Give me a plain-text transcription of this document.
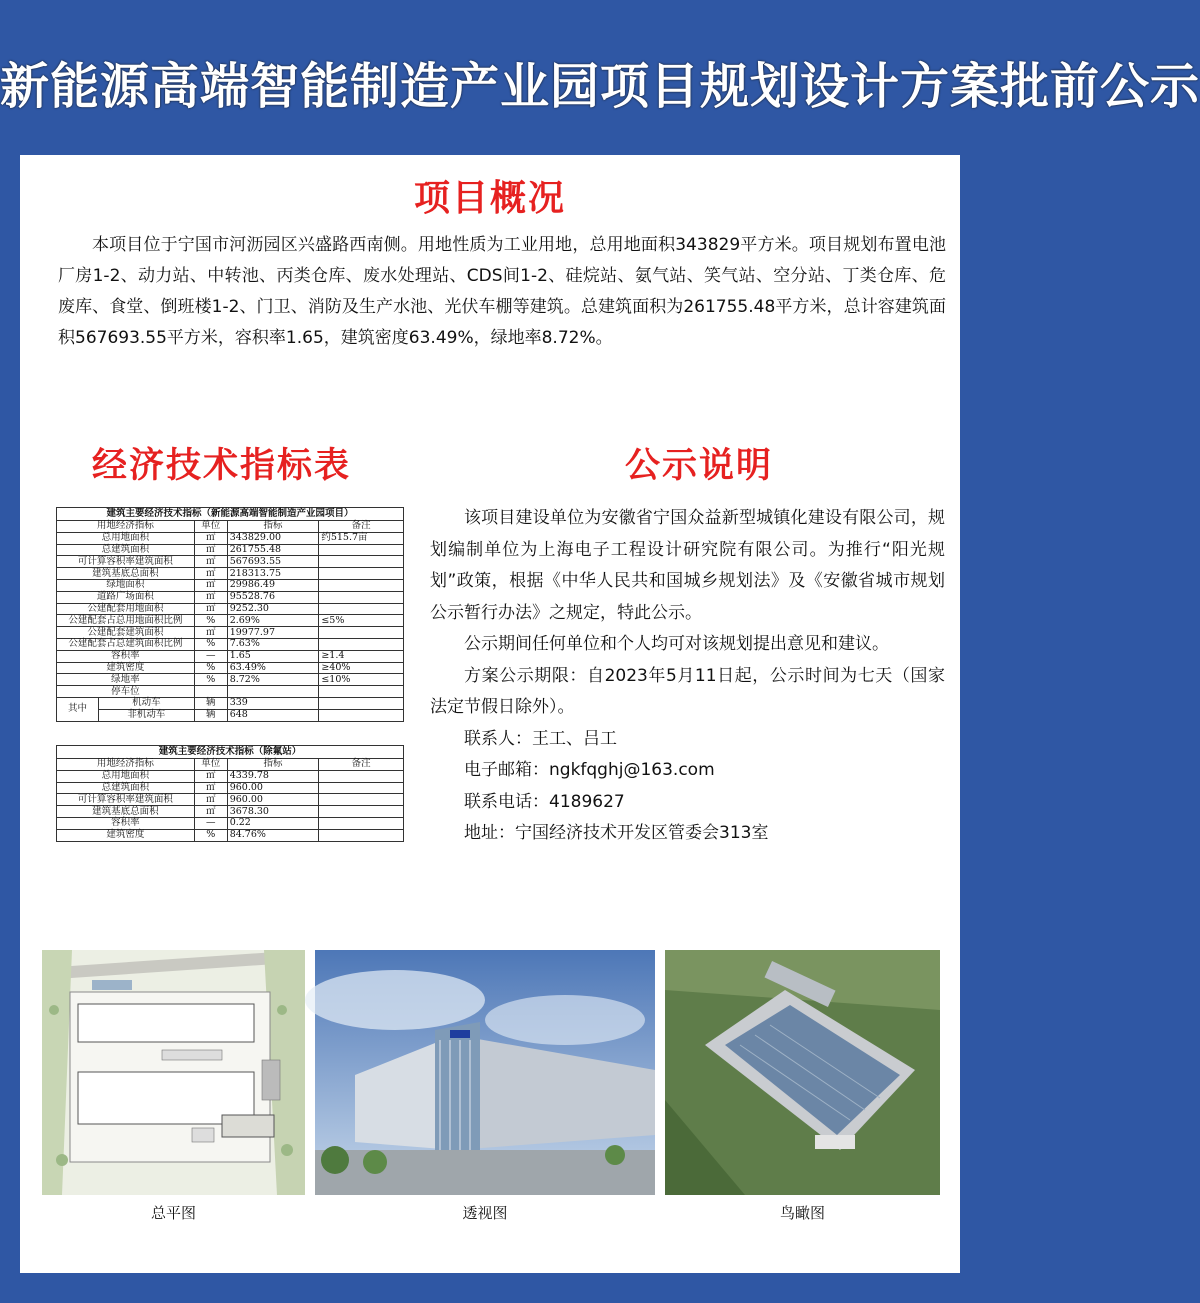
新能源高端智能制造产业园项目规划设计方案批前公示
项目概况
本项目位于宁国市河沥园区兴盛路西南侧。用地性质为工业用地，总用地面积343829平方米。项目规划布置电池厂房1-2、动力站、中转池、丙类仓库、废水处理站、CDS间1-2、硅烷站、氨气站、笑气站、空分站、丁类仓库、危废库、食堂、倒班楼1-2、门卫、消防及生产水池、光伏车棚等建筑。总建筑面积为261755.48平方米，总计容建筑面积567693.55平方米，容积率1.65，建筑密度63.49%，绿地率8.72%。
经济技术指标表	公示说明
建筑主要经济技术指标（新能源高端智能制造产业园项目）				
用地经济指标		单位	指标	备注
总用地面积		㎡	343829.00	约515.7亩
总建筑面积		㎡	261755.48	
可计算容积率建筑面积		㎡	567693.55	
建筑基底总面积		㎡	218313.75	
绿地面积		㎡	29986.49	
道路广场面积		㎡	95528.76	
公建配套用地面积		㎡	9252.30	
公建配套占总用地面积比例		%	2.69%	≤5%
公建配套建筑面积		㎡	19977.97	
公建配套占总建筑面积比例		%	7.63%	
容积率		—	1.65	≥1.4
建筑密度		%	63.49%	≥40%
绿地率		%	8.72%	≤10%
停车位				
其中	机动车	辆	339	
	非机动车	辆	648	
建筑主要经济技术指标（除氟站）			
用地经济指标	单位	指标	备注
总用地面积	㎡	4339.78	
总建筑面积	㎡	960.00	
可计算容积率建筑面积	㎡	960.00	
建筑基底总面积	㎡	3678.30	
容积率	—	0.22	
建筑密度	%	84.76%	

该项目建设单位为安徽省宁国众益新型城镇化建设有限公司，规划编制单位为上海电子工程设计研究院有限公司。为推行“阳光规划”政策，根据《中华人民共和国城乡规划法》及《安徽省城市规划公示暂行办法》之规定，特此公示。

公示期间任何单位和个人均可对该规划提出意见和建议。

方案公示期限：自2023年5月11日起，公示时间为七天（国家法定节假日除外）。

联系人：王工、吕工

电子邮箱：ngkfqghj@163.com

联系电话：4189627

地址：宁国经济技术开发区管委会313室

总平图	透视图	鸟瞰图
